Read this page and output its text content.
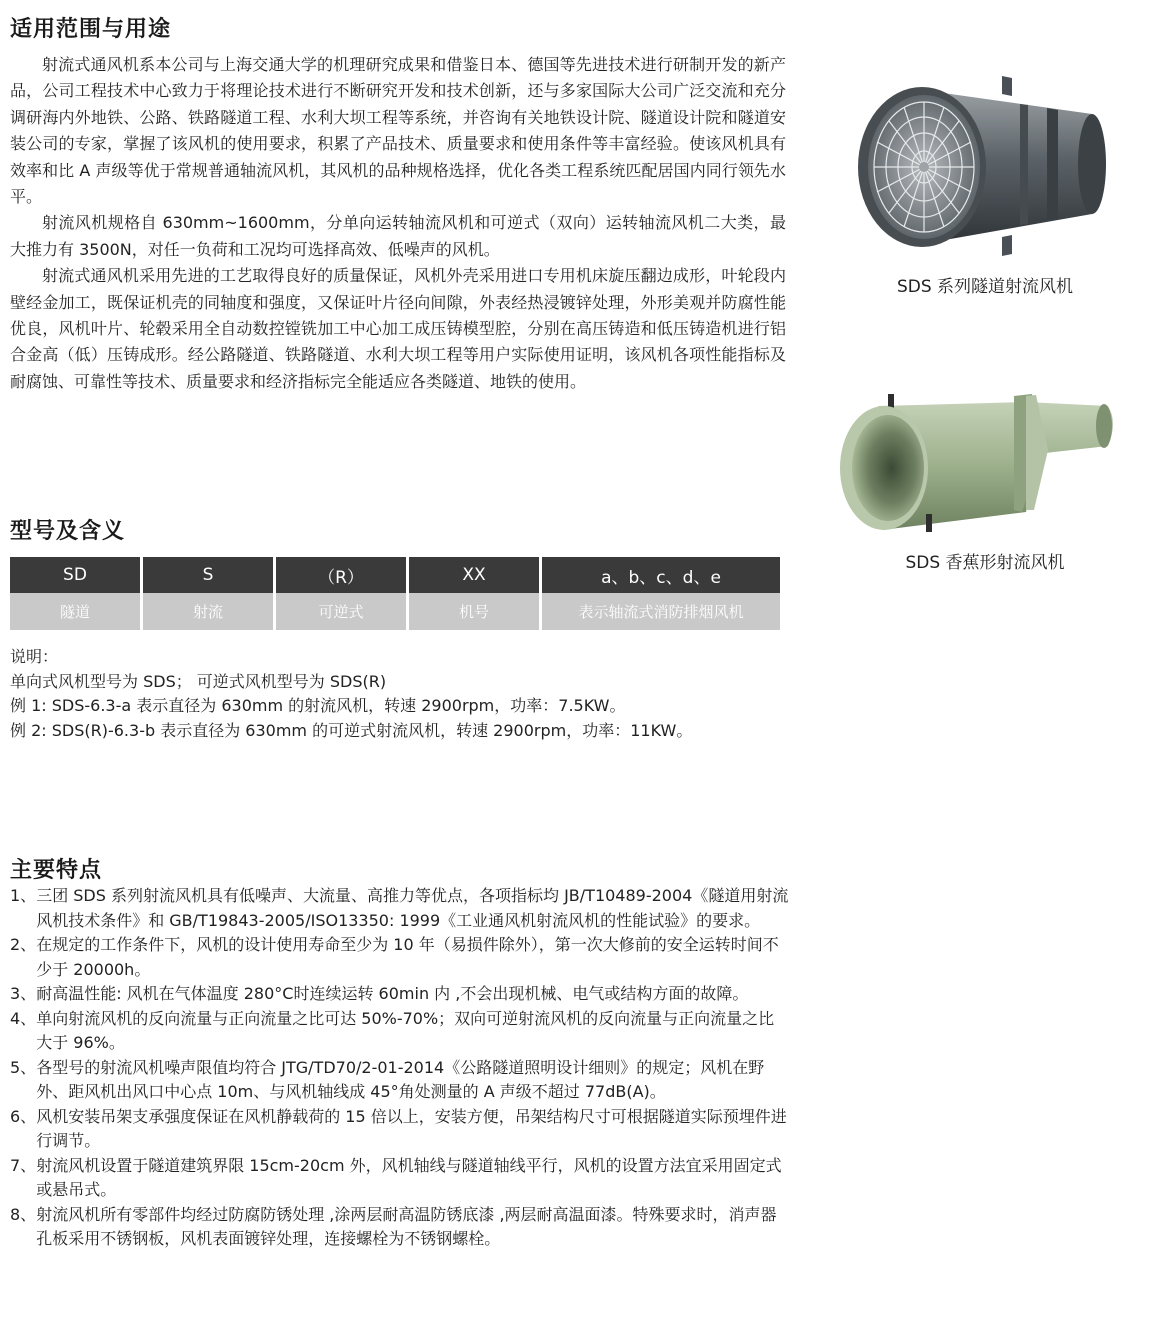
适用范围与用途

射流式通风机系本公司与上海交通大学的机理研究成果和借鉴日本、德国等先进技术进行研制开发的新产品，公司工程技术中心致力于将理论技术进行不断研究开发和技术创新，还与多家国际大公司广泛交流和充分调研海内外地铁、公路、铁路隧道工程、水利大坝工程等系统，并咨询有关地铁设计院、隧道设计院和隧道安装公司的专家，掌握了该风机的使用要求，积累了产品技术、质量要求和使用条件等丰富经验。使该风机具有效率和比 A 声级等优于常规普通轴流风机，其风机的品种规格选择，优化各类工程系统匹配居国内同行领先水平。

射流风机规格自 630mm~1600mm，分单向运转轴流风机和可逆式（双向）运转轴流风机二大类，最大推力有 3500N，对任一负荷和工况均可选择高效、低噪声的风机。

射流式通风机采用先进的工艺取得良好的质量保证，风机外壳采用进口专用机床旋压翻边成形，叶轮段内壁经金加工，既保证机壳的同轴度和强度，又保证叶片径向间隙，外表经热浸镀锌处理，外形美观并防腐性能优良，风机叶片、轮毂采用全自动数控镗铣加工中心加工成压铸模型腔，分别在高压铸造和低压铸造机进行铝合金高（低）压铸成形。经公路隧道、铁路隧道、水利大坝工程等用户实际使用证明，该风机各项性能指标及耐腐蚀、可靠性等技术、质量要求和经济指标完全能适应各类隧道、地铁的使用。

SDS 系列隧道射流风机
SDS 香蕉形射流风机
型号及含义
SD	S	（R）	XX	a、b、c、d、e
隧道	射流	可逆式	机号	表示轴流式消防排烟风机
说明：
单向式风机型号为 SDS； 可逆式风机型号为 SDS(R)
例 1: SDS-6.3-a 表示直径为 630mm 的射流风机，转速 2900rpm，功率：7.5KW。
例 2: SDS(R)-6.3-b 表示直径为 630mm 的可逆式射流风机，转速 2900rpm，功率：11KW。
主要特点
1、 三团 SDS 系列射流风机具有低噪声、大流量、高推力等优点，各项指标均 JB/T10489-2004《隧道用射流风机技术条件》和 GB/T19843-2005/ISO13350: 1999《工业通风机射流风机的性能试验》的要求。
2、 在规定的工作条件下，风机的设计使用寿命至少为 10 年（易损件除外），第一次大修前的安全运转时间不少于 20000h。
3、 耐高温性能: 风机在气体温度 280°C时连续运转 60min 内 ,不会出现机械、电气或结构方面的故障。
4、 单向射流风机的反向流量与正向流量之比可达 50%-70%；双向可逆射流风机的反向流量与正向流量之比大于 96%。
5、 各型号的射流风机噪声限值均符合 JTG/TD70/2-01-2014《公路隧道照明设计细则》的规定；风机在野外、距风机出风口中心点 10m、与风机轴线成 45°角处测量的 A 声级不超过 77dB(A)。
6、 风机安装吊架支承强度保证在风机静载荷的 15 倍以上，安装方便，吊架结构尺寸可根据隧道实际预埋件进行调节。
7、 射流风机设置于隧道建筑界限 15cm-20cm 外，风机轴线与隧道轴线平行，风机的设置方法宜采用固定式或悬吊式。
8、 射流风机所有零部件均经过防腐防锈处理 ,涂两层耐高温防锈底漆 ,两层耐高温面漆。特殊要求时，消声器孔板采用不锈钢板，风机表面镀锌处理，连接螺栓为不锈钢螺栓。
